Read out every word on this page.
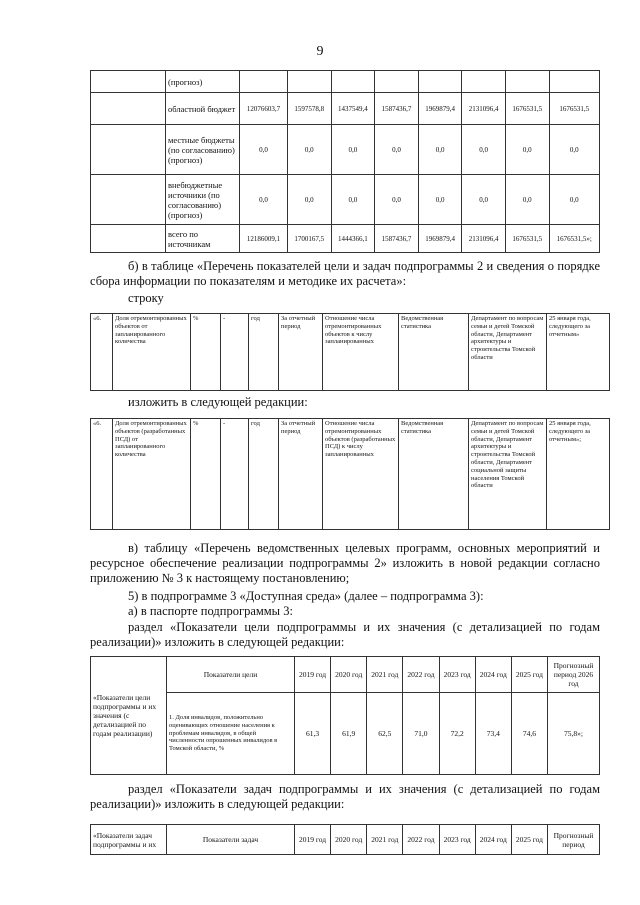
9
	(прогноз)								
	областной бюджет	12076603,7	1597578,8	1437549,4	1587436,7	1969879,4	2131096,4	1676531,5	1676531,5
	местные бюджеты (по согласованию) (прогноз)	0,0	0,0	0,0	0,0	0,0	0,0	0,0	0,0
	внебюджетные источники (по согласованию) (прогноз)	0,0	0,0	0,0	0,0	0,0	0,0	0,0	0,0
	всего по источникам	12186009,1	1700167,5	1444366,1	1587436,7	1969879,4	2131096,4	1676531,5	1676531,5»;
б) в таблице «Перечень показателей цели и задач подпрограммы 2 и сведения о порядке сбора информации по показателям и методике их расчета»:
строку
«6.	Доля отремонтированных объектов от запланированного количества	%	-	год	За отчетный период	Отношение числа отремонтированных объектов к числу запланированных	Ведомственная статистика	Департамент по вопросам семьи и детей Томской области, Департамент архитектуры и строительства Томской области	25 января года, следующего за отчетным»
изложить в следующей редакции:
«6.	Доля отремонтированных объектов (разработанных ПСД) от запланированного количества	%	-	год	За отчетный период	Отношение числа отремонтированных объектов (разработанных ПСД) к числу запланированных	Ведомственная статистика	Департамент по вопросам семьи и детей Томской области, Департамент архитектуры и строительства Томской области, Департамент социальной защиты населения Томской области	25 января года, следующего за отчетным»;
в) таблицу «Перечень ведомственных целевых программ, основных мероприятий и ресурсное обеспечение реализации подпрограммы 2» изложить в новой редакции согласно приложению № 3 к настоящему постановлению;
5) в подпрограмме 3 «Доступная среда» (далее – подпрограмма 3):
а) в паспорте подпрограммы 3:
раздел «Показатели цели подпрограммы и их значения (с детализацией по годам реализации)» изложить в следующей редакции:
«Показатели цели подпрограммы и их значения (с детализацией по годам реализации)	Показатели цели	2019 год	2020 год	2021 год	2022 год	2023 год	2024 год	2025 год	Прогнозный период 2026 год
	1. Доля инвалидов, положительно оценивающих отношение населения к проблемам инвалидов, в общей численности опрошенных инвалидов в Томской области, %	61,3	61,9	62,5	71,0	72,2	73,4	74,6	75,8»;
раздел «Показатели задач подпрограммы и их значения (с детализацией по годам реализации)» изложить в следующей редакции:
«Показатели задач подпрограммы и их	Показатели задач	2019 год	2020 год	2021 год	2022 год	2023 год	2024 год	2025 год	Прогнозный период
